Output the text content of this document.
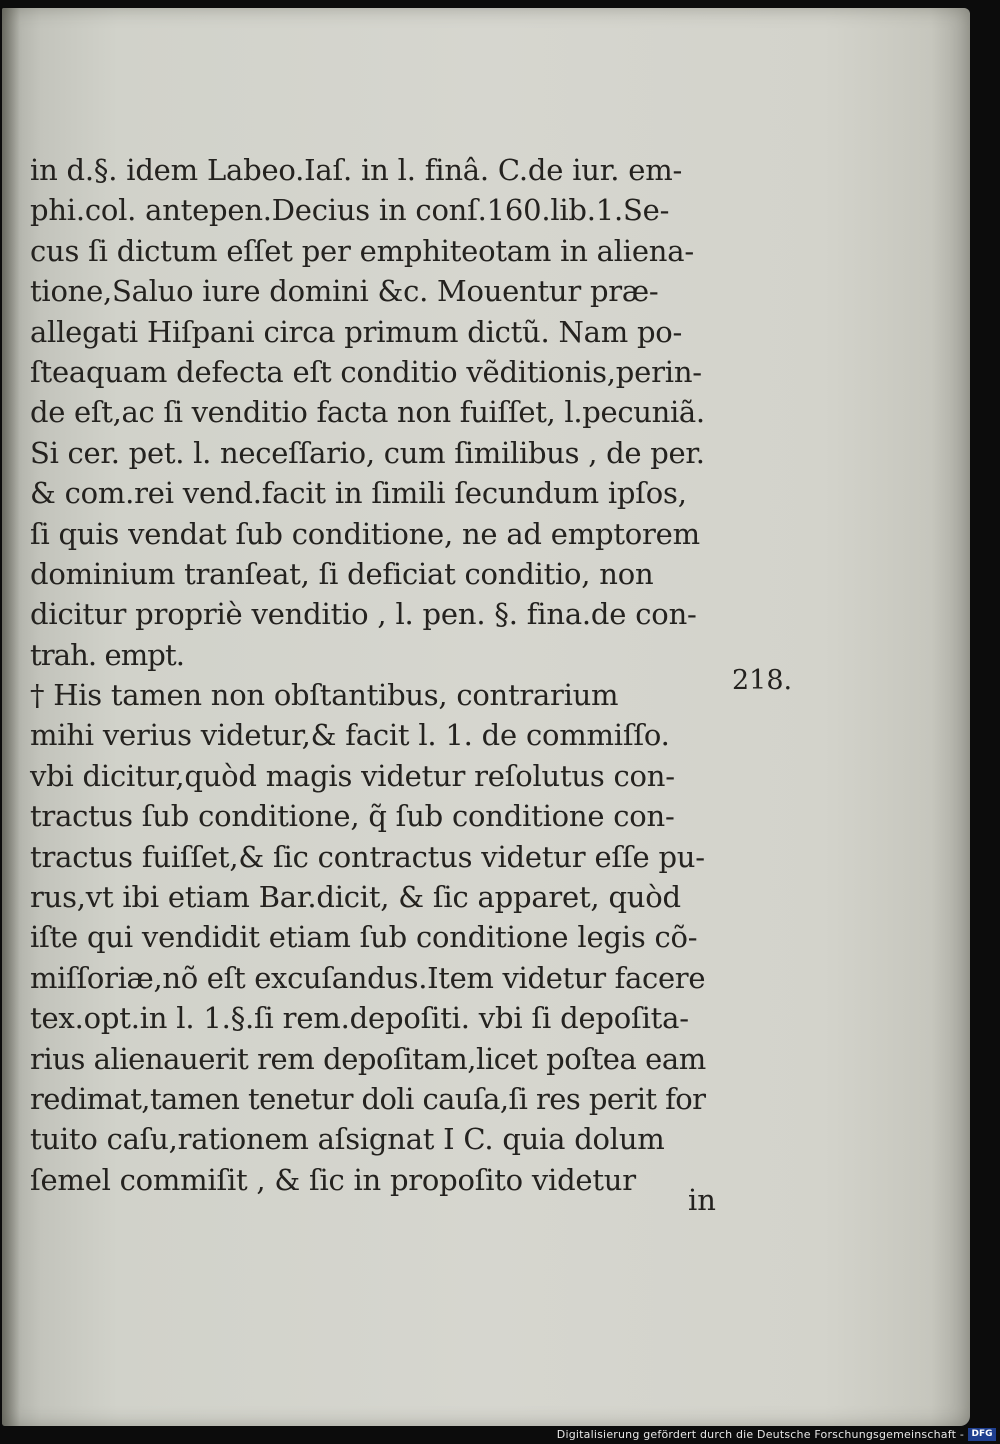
in d.§. idem Labeo.Iaſ. in l. finâ. C.de iur. em-
phi.col. antepen.Decius in conſ.160.lib.1.Se-
cus ſi dictum eſſet per emphiteotam in aliena-
tione,Saluo iure domini &c. Mouentur præ-
allegati Hiſpani circa primum dictũ. Nam po-
ſteaquam defecta eſt conditio vẽditionis,perin-
de eſt,ac ſi venditio facta non fuiſſet, l.pecuniã.
Si cer. pet. l. neceſſario, cum ſimilibus , de per.
& com.rei vend.facit in ſimili ſecundum ipſos,
ſi quis vendat ſub conditione, ne ad emptorem
dominium tranſeat, ſi deficiat conditio, non
dicitur propriè venditio , l. pen. §. fina.de con-
trah. empt.
† His tamen non obſtantibus, contrarium
mihi verius videtur,& facit l. 1. de commiſſo.
vbi dicitur,quòd magis videtur reſolutus con-
tractus ſub conditione, q̃ ſub conditione con-
tractus fuiſſet,& ſic contractus videtur eſſe pu-
rus,vt ibi etiam Bar.dicit, & ſic apparet, quòd
iſte qui vendidit etiam ſub conditione legis cõ-
miſſoriæ,nõ eſt excuſandus.Item videtur facere
tex.opt.in l. 1.§.ſi rem.depoſiti. vbi ſi depoſita-
rius alienauerit rem depoſitam,licet poſtea eam
redimat,tamen tenetur doli cauſa,ſi res perit for
tuito caſu,rationem aſsignat I C. quia dolum
ſemel commiſit , & ſic in propoſito videtur
218.
in
Digitalisierung gefördert durch die Deutsche Forschungsgemeinschaft - DFG
